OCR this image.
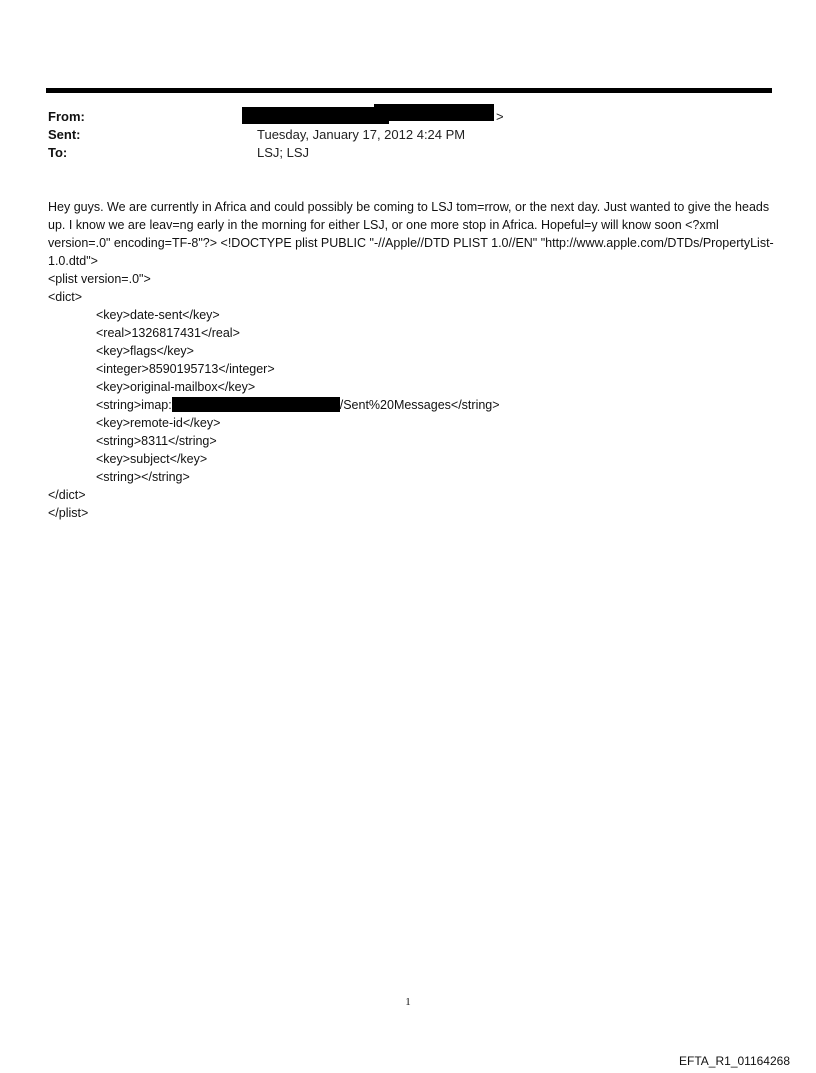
From:	>
Sent:	Tuesday, January 17, 2012 4:24 PM
To:	LSJ; LSJ

Hey guys. We are currently in Africa and could possibly be coming to LSJ tom=rrow, or the next day. Just wanted to give the heads up. I know we are leav=ng early in the morning for either LSJ, or one more stop in Africa. Hopeful=y will know soon <?xml version=.0" encoding=TF-8"?> <!DOCTYPE plist PUBLIC "-//Apple//DTD PLIST 1.0//EN" "http://www.apple.com/DTDs/PropertyList-1.0.dtd">

<plist version=.0">
<dict>
<key>date-sent</key>
<real>1326817431</real>
<key>flags</key>
<integer>8590195713</integer>
<key>original-mailbox</key>
<string>imap:	/Sent%20Messages</string>
<key>remote-id</key>
<string>8311</string>
<key>subject</key>
<string></string>
</dict>
</plist>
1
EFTA_R1_01164268
